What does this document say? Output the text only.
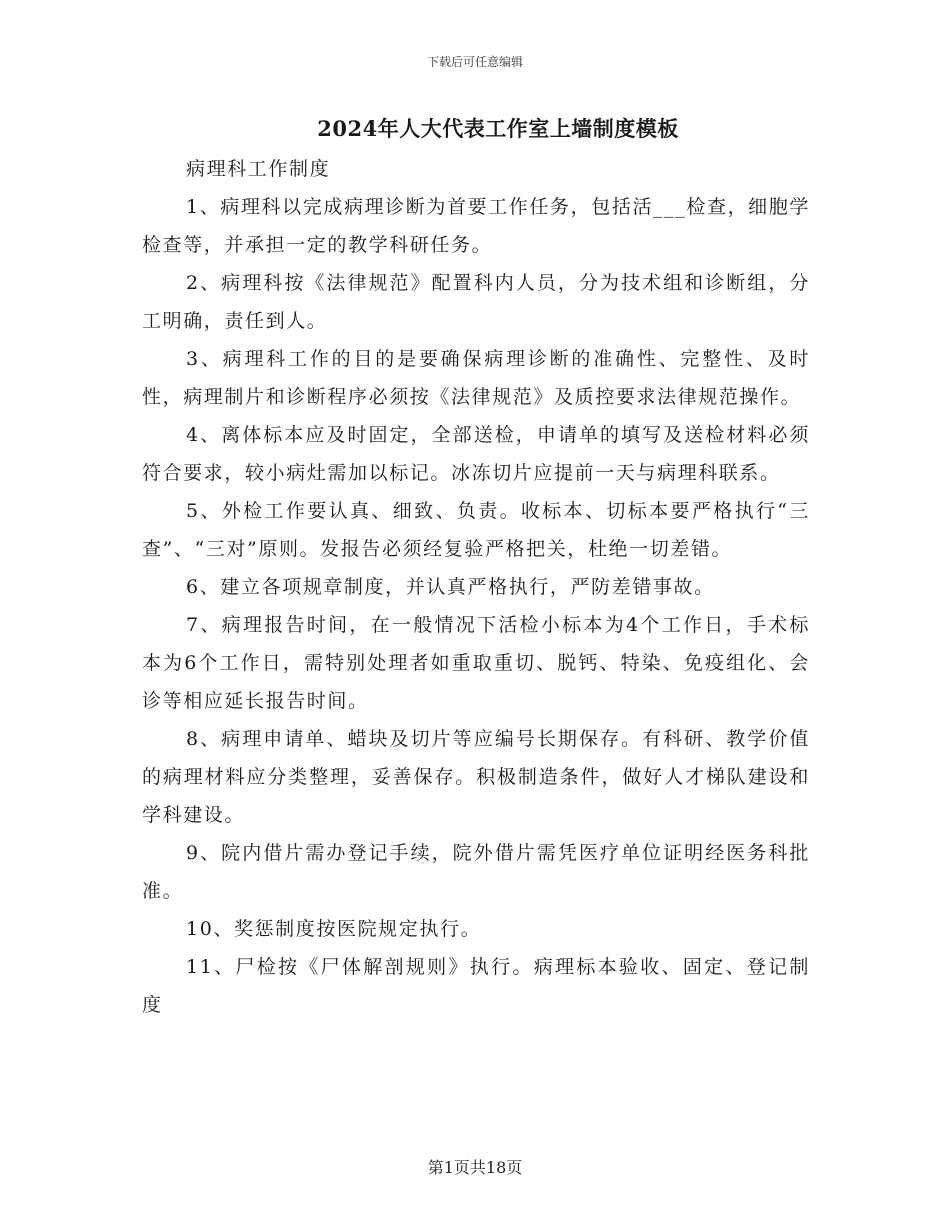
下载后可任意编辑
2024年人大代表工作室上墙制度模板

病理科工作制度

1、病理科以完成病理诊断为首要工作任务，包括活___检查，细胞学检查等，并承担一定的教学科研任务。

2、病理科按《法律规范》配置科内人员，分为技术组和诊断组，分工明确，责任到人。

3、病理科工作的目的是要确保病理诊断的准确性、完整性、及时性，病理制片和诊断程序必须按《法律规范》及质控要求法律规范操作。

4、离体标本应及时固定，全部送检，申请单的填写及送检材料必须符合要求，较小病灶需加以标记。冰冻切片应提前一天与病理科联系。

5、外检工作要认真、细致、负责。收标本、切标本要严格执行“三查”、“三对”原则。发报告必须经复验严格把关，杜绝一切差错。

6、建立各项规章制度，并认真严格执行，严防差错事故。

7、病理报告时间，在一般情况下活检小标本为4个工作日，手术标本为6个工作日，需特别处理者如重取重切、脱钙、特染、免疫组化、会诊等相应延长报告时间。

8、病理申请单、蜡块及切片等应编号长期保存。有科研、教学价值的病理材料应分类整理，妥善保存。积极制造条件，做好人才梯队建设和学科建设。

9、院内借片需办登记手续，院外借片需凭医疗单位证明经医务科批准。

10、奖惩制度按医院规定执行。

11、尸检按《尸体解剖规则》执行。病理标本验收、固定、登记制度

第1页共18页
